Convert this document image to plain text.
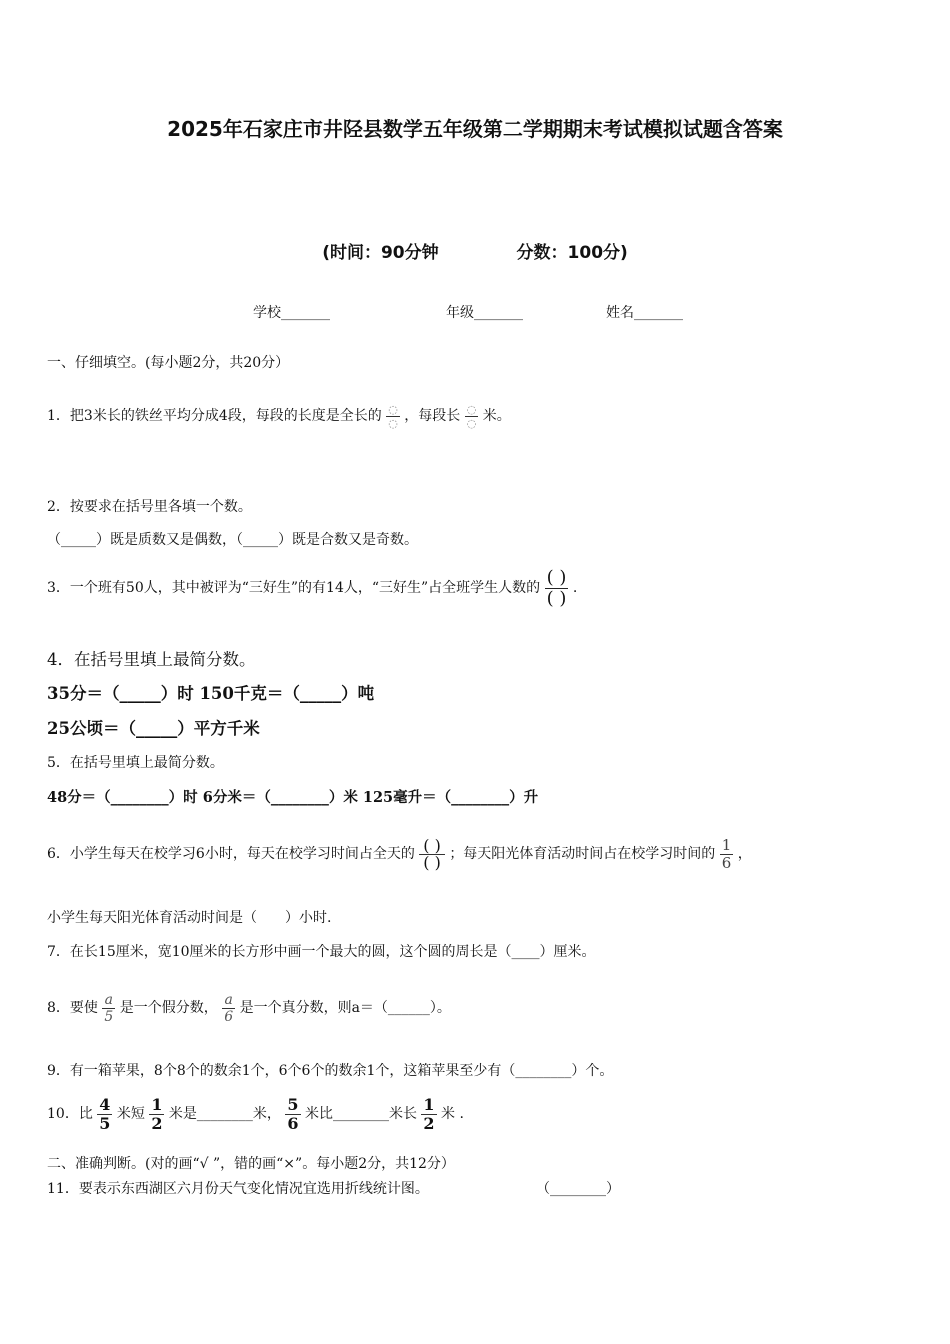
2025年石家庄市井陉县数学五年级第二学期期末考试模拟试题含答案
(时间：90分钟	分数：100分)
学校_______	年级_______	姓名_______
一、仔细填空。(每小题2分，共20分）
1．把3米长的铁丝平均分成4段，每段的长度是全长的 $\frac{◌}{◌}$ ，每段长 $\frac{◌}{◌}$ 米。
2．按要求在括号里各填一个数。
（_____）既是质数又是偶数，（_____）既是合数又是奇数。
3．一个班有50人，其中被评为“三好生”的有14人，“三好生”占全班学生人数的 $\frac{( )}{( )}$ .
4．在括号里填上最简分数。
35分＝（_____）时 150千克＝（_____）吨
25公顷＝（_____）平方千米
5．在括号里填上最简分数。
48分＝（________）时 6分米＝（________）米 125毫升＝（________）升
6．小学生每天在校学习6小时，每天在校学习时间占全天的 $\frac{( )}{( )}$ ；每天阳光体育活动时间占在校学习时间的 $\frac{1}{6}$ ，
小学生每天阳光体育活动时间是（　　）小时.
7．在长15厘米，宽10厘米的长方形中画一个最大的圆，这个圆的周长是（____）厘米。
8．要使 $\frac{a}{5}$ 是一个假分数， $\frac{a}{6}$ 是一个真分数，则a＝（______）。
9．有一箱苹果，8个8个的数余1个，6个6个的数余1个，这箱苹果至少有（________）个。
10．比 $\frac{4}{5}$ 米短 $\frac{1}{2}$ 米是________米， $\frac{5}{6}$ 米比________米长 $\frac{1}{2}$ 米 .
二、准确判断。(对的画“√ ”，错的画“×”。每小题2分，共12分）
11．要表示东西湖区六月份天气变化情况宜选用折线统计图。	（________）
